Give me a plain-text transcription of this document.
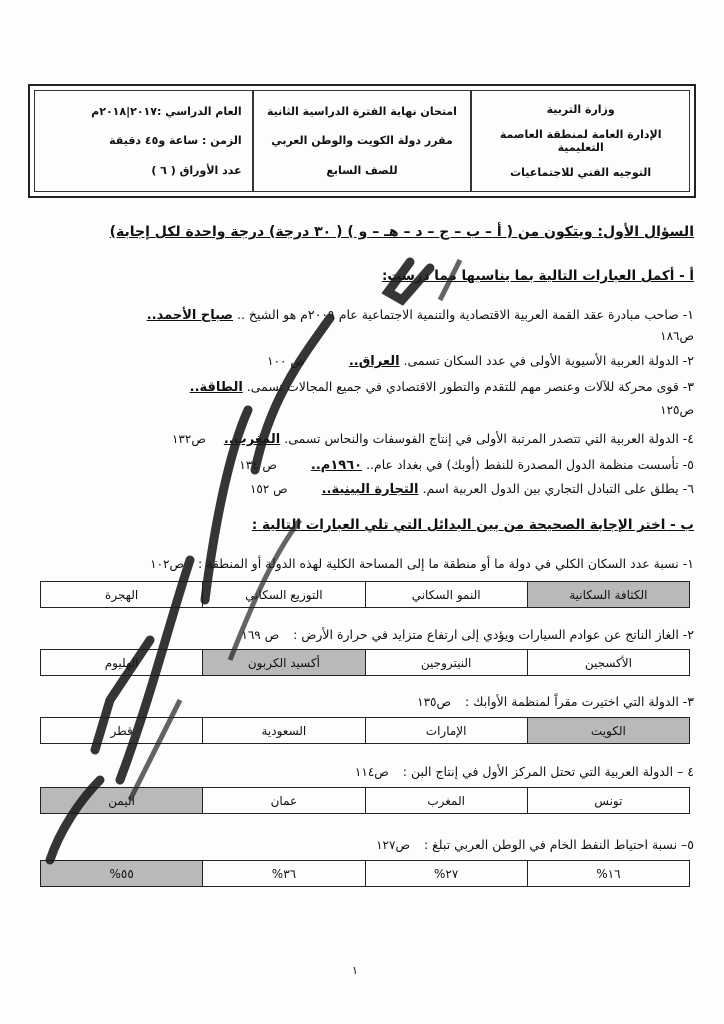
وزارة التربية
الإدارة العامة لمنطقة العاصمة التعليمية
التوجيه الفني للاجتماعيات
امتحان نهاية الفترة الدراسية الثانية
مقرر دولة الكويت والوطن العربي
للصف السابع
العام الدراسي :٢٠١٧|٢٠١٨م
الزمن : ساعة و٤٥ دقيقة
عدد الأوراق ( ٦ )
السؤال الأول: ويتكون من ( أ – ب – ج – د – هـ – و ) ( ٣٠ درجة) درجة واحدة لكل إجابة)
أ - أكمل العبارات التالية بما يناسبها مما درست:
١- صاحب مبادرة عقد القمة العربية الاقتصادية والتنمية الاجتماعية عام ٢٠٠٩م هو الشيخ .. صباح الأحمد..
ص١٨٦
٢- الدولة العربية الأسيوية الأولى في عدد السكان تسمى. العراق.. ص ١٠٠
٣- قوى محركة للآلات وعنصر مهم للتقدم والتطور الاقتصادي في جميع المجالات تسمى. الطاقة..
ص١٢٥
٤- الدولة العربية التي تتصدر المرتبة الأولى في إنتاج الفوسفات والنحاس تسمى. المغرب.. ص١٣٢
٥- تأسست منظمة الدول المصدرة للنفط (أوبك) في بغداد عام.. ١٩٦٠م.. ص ١٣٤
٦- يطلق على التبادل التجاري بين الدول العربية اسم. التجارة البينية.. ص ١٥٢
ب - اختر الإجابة الصحيحة من بين البدائل التي تلي العبارات التالية :
١- نسبة عدد السكان الكلي في دولة ما أو منطقة ما إلى المساحة الكلية لهذه الدولة أو المنطقة : ص١٠٢
الكثافة السكانية
النمو السكاني
التوزيع السكاني
الهجرة
٢- الغاز الناتج عن عوادم السيارات ويؤدي إلى ارتفاع متزايد في حرارة الأرض : ص ١٦٩
الأكسجين
النيتروجين
أكسيد الكربون
الهليوم
٣- الدولة التي اختيرت مقراً لمنظمة الأوابك : ص١٣٥
الكويت
الإمارات
السعودية
قطر
٤ – الدولة العربية التي تحتل المركز الأول في إنتاج البن : ص١١٤
تونس
المغرب
عمان
اليمن
٥– نسبة احتياط النفط الخام في الوطن العربي تبلغ : ص١٢٧
١٦%
٢٧%
٣٦%
٥٥%
١
